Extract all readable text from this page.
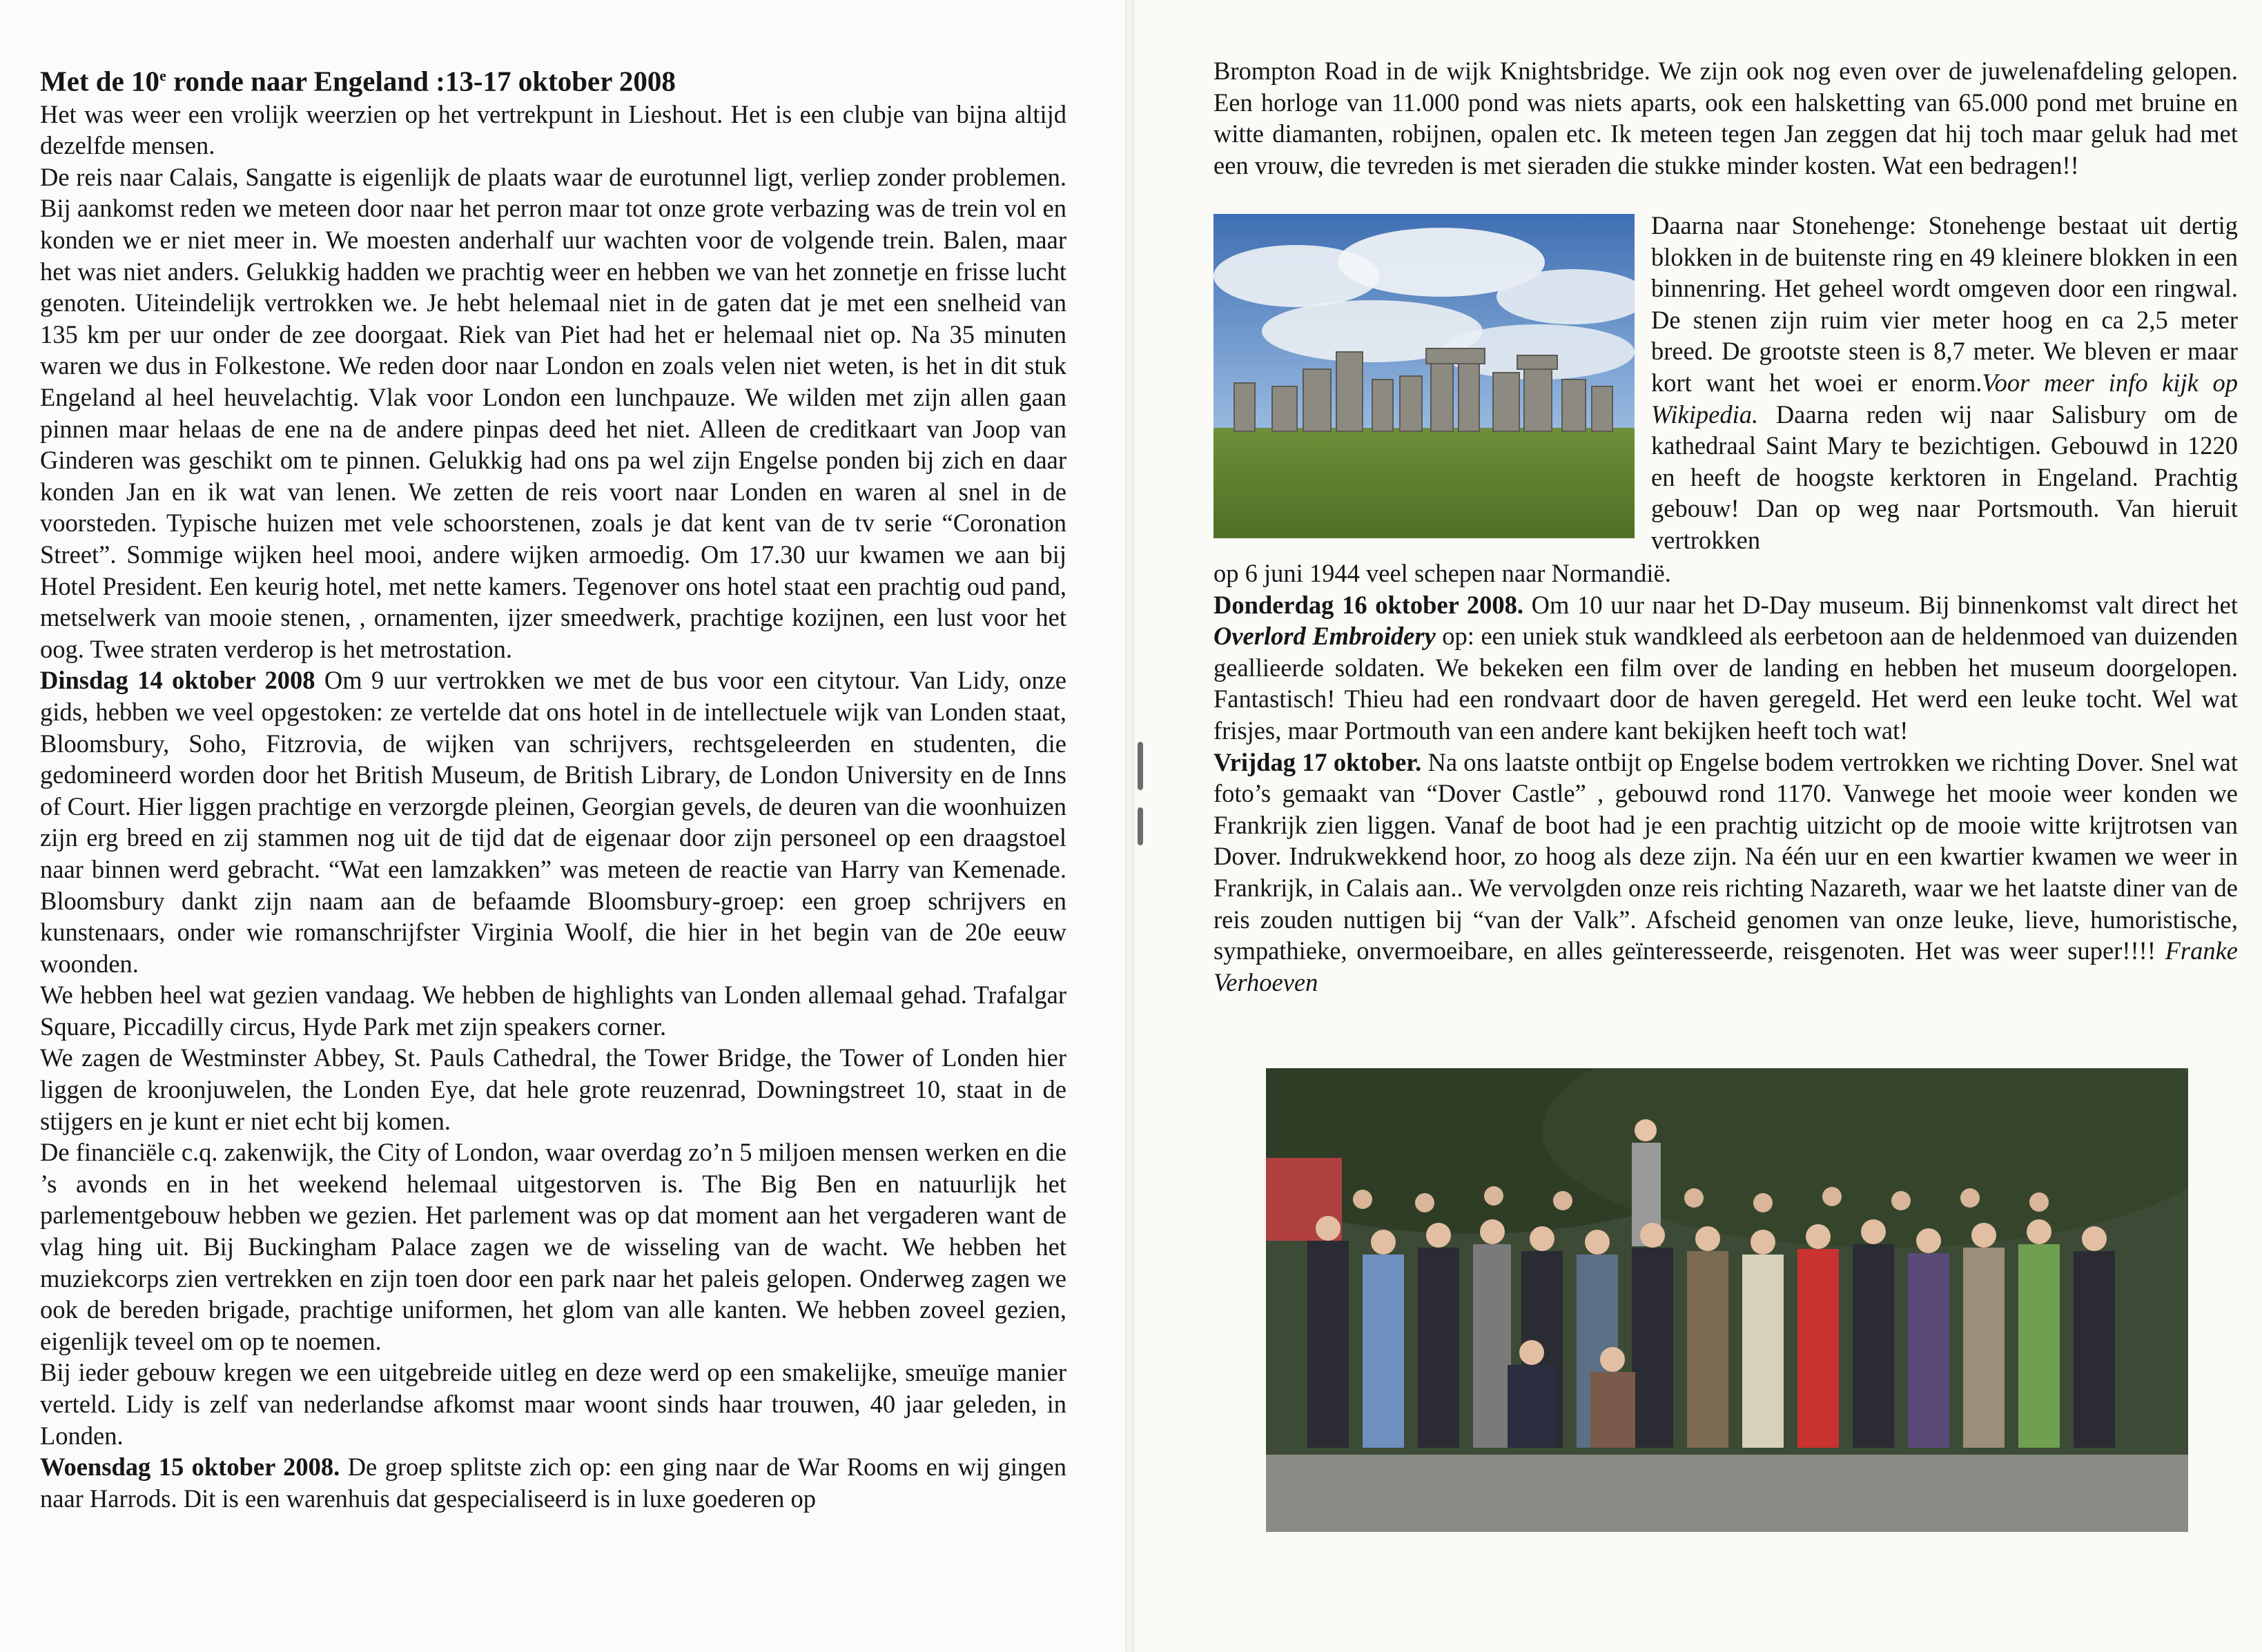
Met de 10e ronde naar Engeland :13-17 oktober 2008

Het was weer een vrolijk weerzien op het vertrekpunt in Lieshout. Het is een clubje van bijna altijd dezelfde mensen.

De reis naar Calais, Sangatte is eigenlijk de plaats waar de eurotunnel ligt, verliep zonder problemen. Bij aankomst reden we meteen door naar het perron maar tot onze grote verbazing was de trein vol en konden we er niet meer in. We moesten anderhalf uur wachten voor de volgende trein. Balen, maar het was niet anders. Gelukkig hadden we prachtig weer en hebben we van het zonnetje en frisse lucht genoten. Uiteindelijk vertrokken we. Je hebt helemaal niet in de gaten dat je met een snelheid van 135 km per uur onder de zee doorgaat. Riek van Piet had het er helemaal niet op. Na 35 minuten waren we dus in Folkestone. We reden door naar London en zoals velen niet weten, is het in dit stuk Engeland al heel heuvelachtig. Vlak voor London een lunchpauze. We wilden met zijn allen gaan pinnen maar helaas de ene na de andere pinpas deed het niet. Alleen de creditkaart van Joop van Ginderen was geschikt om te pinnen. Gelukkig had ons pa wel zijn Engelse ponden bij zich en daar konden Jan en ik wat van lenen. We zetten de reis voort naar Londen en waren al snel in de voorsteden. Typische huizen met vele schoorstenen, zoals je dat kent van de tv serie “Coronation Street”. Sommige wijken heel mooi, andere wijken armoedig. Om 17.30 uur kwamen we aan bij Hotel President. Een keurig hotel, met nette kamers. Tegenover ons hotel staat een prachtig oud pand, metselwerk van mooie stenen, , ornamenten, ijzer smeedwerk, prachtige kozijnen, een lust voor het oog. Twee straten verderop is het metrostation.

Dinsdag 14 oktober 2008 Om 9 uur vertrokken we met de bus voor een citytour. Van Lidy, onze gids, hebben we veel opgestoken: ze vertelde dat ons hotel in de intellectuele wijk van Londen staat, Bloomsbury, Soho, Fitzrovia, de wijken van schrijvers, rechtsgeleerden en studenten, die gedomineerd worden door het British Museum, de British Library, de London University en de Inns of Court. Hier liggen prachtige en verzorgde pleinen, Georgian gevels, de deuren van die woonhuizen zijn erg breed en zij stammen nog uit de tijd dat de eigenaar door zijn personeel op een draagstoel naar binnen werd gebracht. “Wat een lamzakken” was meteen de reactie van Harry van Kemenade. Bloomsbury dankt zijn naam aan de befaamde Bloomsbury-groep: een groep schrijvers en kunstenaars, onder wie romanschrijfster Virginia Woolf, die hier in het begin van de 20e eeuw woonden.

We hebben heel wat gezien vandaag. We hebben de highlights van Londen allemaal gehad. Trafalgar Square, Piccadilly circus, Hyde Park met zijn speakers corner.

We zagen de Westminster Abbey, St. Pauls Cathedral, the Tower Bridge, the Tower of Londen hier liggen de kroonjuwelen, the Londen Eye, dat hele grote reuzenrad, Downingstreet 10, staat in de stijgers en je kunt er niet echt bij komen.

De financiële c.q. zakenwijk, the City of London, waar overdag zo’n 5 miljoen mensen werken en die ’s avonds en in het weekend helemaal uitgestorven is. The Big Ben en natuurlijk het parlementgebouw hebben we gezien. Het parlement was op dat moment aan het vergaderen want de vlag hing uit. Bij Buckingham Palace zagen we de wisseling van de wacht. We hebben het muziekcorps zien vertrekken en zijn toen door een park naar het paleis gelopen. Onderweg zagen we ook de bereden brigade, prachtige uniformen, het glom van alle kanten. We hebben zoveel gezien, eigenlijk teveel om op te noemen.

Bij ieder gebouw kregen we een uitgebreide uitleg en deze werd op een smakelijke, smeuïge manier verteld. Lidy is zelf van nederlandse afkomst maar woont sinds haar trouwen, 40 jaar geleden, in Londen.

Woensdag 15 oktober 2008. De groep splitste zich op: een ging naar de War Rooms en wij gingen naar Harrods. Dit is een warenhuis dat gespecialiseerd is in luxe goederen op

Brompton Road in de wijk Knightsbridge. We zijn ook nog even over de juwelenafdeling gelopen. Een horloge van 11.000 pond was niets aparts, ook een halsketting van 65.000 pond met bruine en witte diamanten, robijnen, opalen etc. Ik meteen tegen Jan zeggen dat hij toch maar geluk had met een vrouw, die tevreden is met sieraden die stukke minder kosten. Wat een bedragen!!

Daarna naar Stonehenge: Stonehenge bestaat uit dertig blokken in de buitenste ring en 49 kleinere blokken in een binnenring. Het geheel wordt omgeven door een ringwal. De stenen zijn ruim vier meter hoog en ca 2,5 meter breed. De grootste steen is 8,7 meter. We bleven er maar kort want het woei er enorm.Voor meer info kijk op Wikipedia. Daarna reden wij naar Salisbury om de kathedraal Saint Mary te bezichtigen. Gebouwd in 1220 en heeft de hoogste kerktoren in Engeland. Prachtig gebouw! Dan op weg naar Portsmouth. Van hieruit vertrokken

op 6 juni 1944 veel schepen naar Normandië.

Donderdag 16 oktober 2008. Om 10 uur naar het D-Day museum. Bij binnenkomst valt direct het Overlord Embroidery op: een uniek stuk wandkleed als eerbetoon aan de heldenmoed van duizenden geallieerde soldaten. We bekeken een film over de landing en hebben het museum doorgelopen. Fantastisch! Thieu had een rondvaart door de haven geregeld. Het werd een leuke tocht. Wel wat frisjes, maar Portmouth van een andere kant bekijken heeft toch wat!

Vrijdag 17 oktober. Na ons laatste ontbijt op Engelse bodem vertrokken we richting Dover. Snel wat foto’s gemaakt van “Dover Castle” , gebouwd rond 1170. Vanwege het mooie weer konden we Frankrijk zien liggen. Vanaf de boot had je een prachtig uitzicht op de mooie witte krijtrotsen van Dover. Indrukwekkend hoor, zo hoog als deze zijn. Na één uur en een kwartier kwamen we weer in Frankrijk, in Calais aan.. We vervolgden onze reis richting Nazareth, waar we het laatste diner van de reis zouden nuttigen bij “van der Valk”. Afscheid genomen van onze leuke, lieve, humoristische, sympathieke, onvermoeibare, en alles geïnteresseerde, reisgenoten. Het was weer super!!!! Franke Verhoeven
